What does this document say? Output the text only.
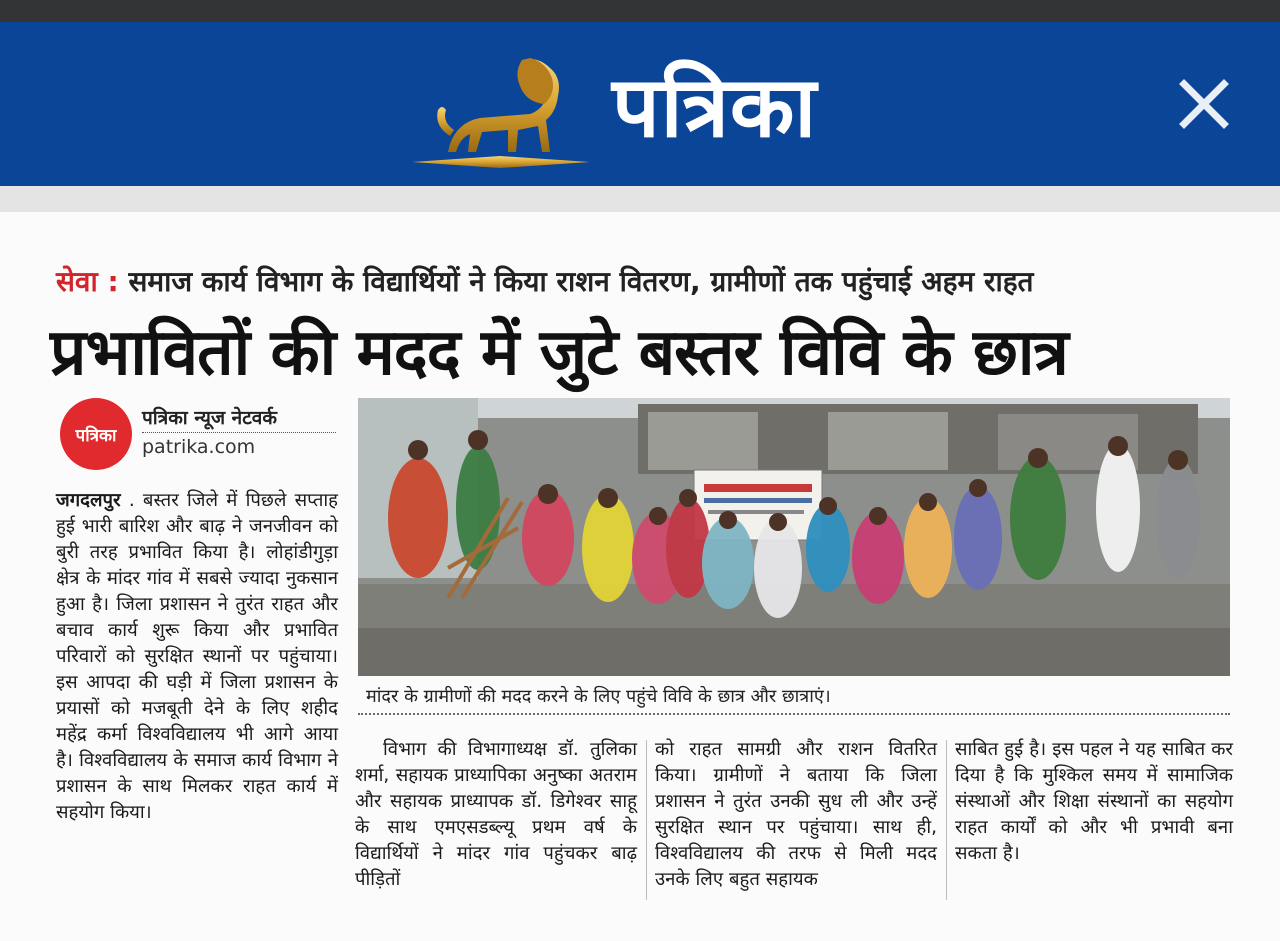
पत्रिका
सेवा : समाज कार्य विभाग के विद्यार्थियों ने किया राशन वितरण, ग्रामीणों तक पहुंचाई अहम राहत
प्रभावितों की मदद में जुटे बस्तर विवि के छात्र
पत्रिका
पत्रिका न्यूज नेटवर्क
patrika.com
जगदलपुर . बस्तर जिले में पिछले सप्ताह हुई भारी बारिश और बाढ़ ने जनजीवन को बुरी तरह प्रभावित किया है। लोहांडीगुड़ा क्षेत्र के मांदर गांव में सबसे ज्यादा नुकसान हुआ है। जिला प्रशासन ने तुरंत राहत और बचाव कार्य शुरू किया और प्रभावित परिवारों को सुरक्षित स्थानों पर पहुंचाया। इस आपदा की घड़ी में जिला प्रशासन के प्रयासों को मजबूती देने के लिए शहीद महेंद्र कर्मा विश्वविद्यालय भी आगे आया है। विश्वविद्यालय के समाज कार्य विभाग ने प्रशासन के साथ मिलकर राहत कार्य में सहयोग किया।
मांदर के ग्रामीणों की मदद करने के लिए पहुंचे विवि के छात्र और छात्राएं।
विभाग की विभागाध्यक्ष डॉ. तुलिका शर्मा, सहायक प्राध्यापिका अनुष्का अतराम और सहायक प्राध्यापक डॉ. डिगेश्वर साहू के साथ एमएसडब्ल्यू प्रथम वर्ष के विद्यार्थियों ने मांदर गांव पहुंचकर बाढ़ पीड़ितों
को राहत सामग्री और राशन वितरित किया। ग्रामीणों ने बताया कि जिला प्रशासन ने तुरंत उनकी सुध ली और उन्हें सुरक्षित स्थान पर पहुंचाया। साथ ही, विश्वविद्यालय की तरफ से मिली मदद उनके लिए बहुत सहायक
साबित हुई है। इस पहल ने यह साबित कर दिया है कि मुश्किल समय में सामाजिक संस्थाओं और शिक्षा संस्थानों का सहयोग राहत कार्यों को और भी प्रभावी बना सकता है।
